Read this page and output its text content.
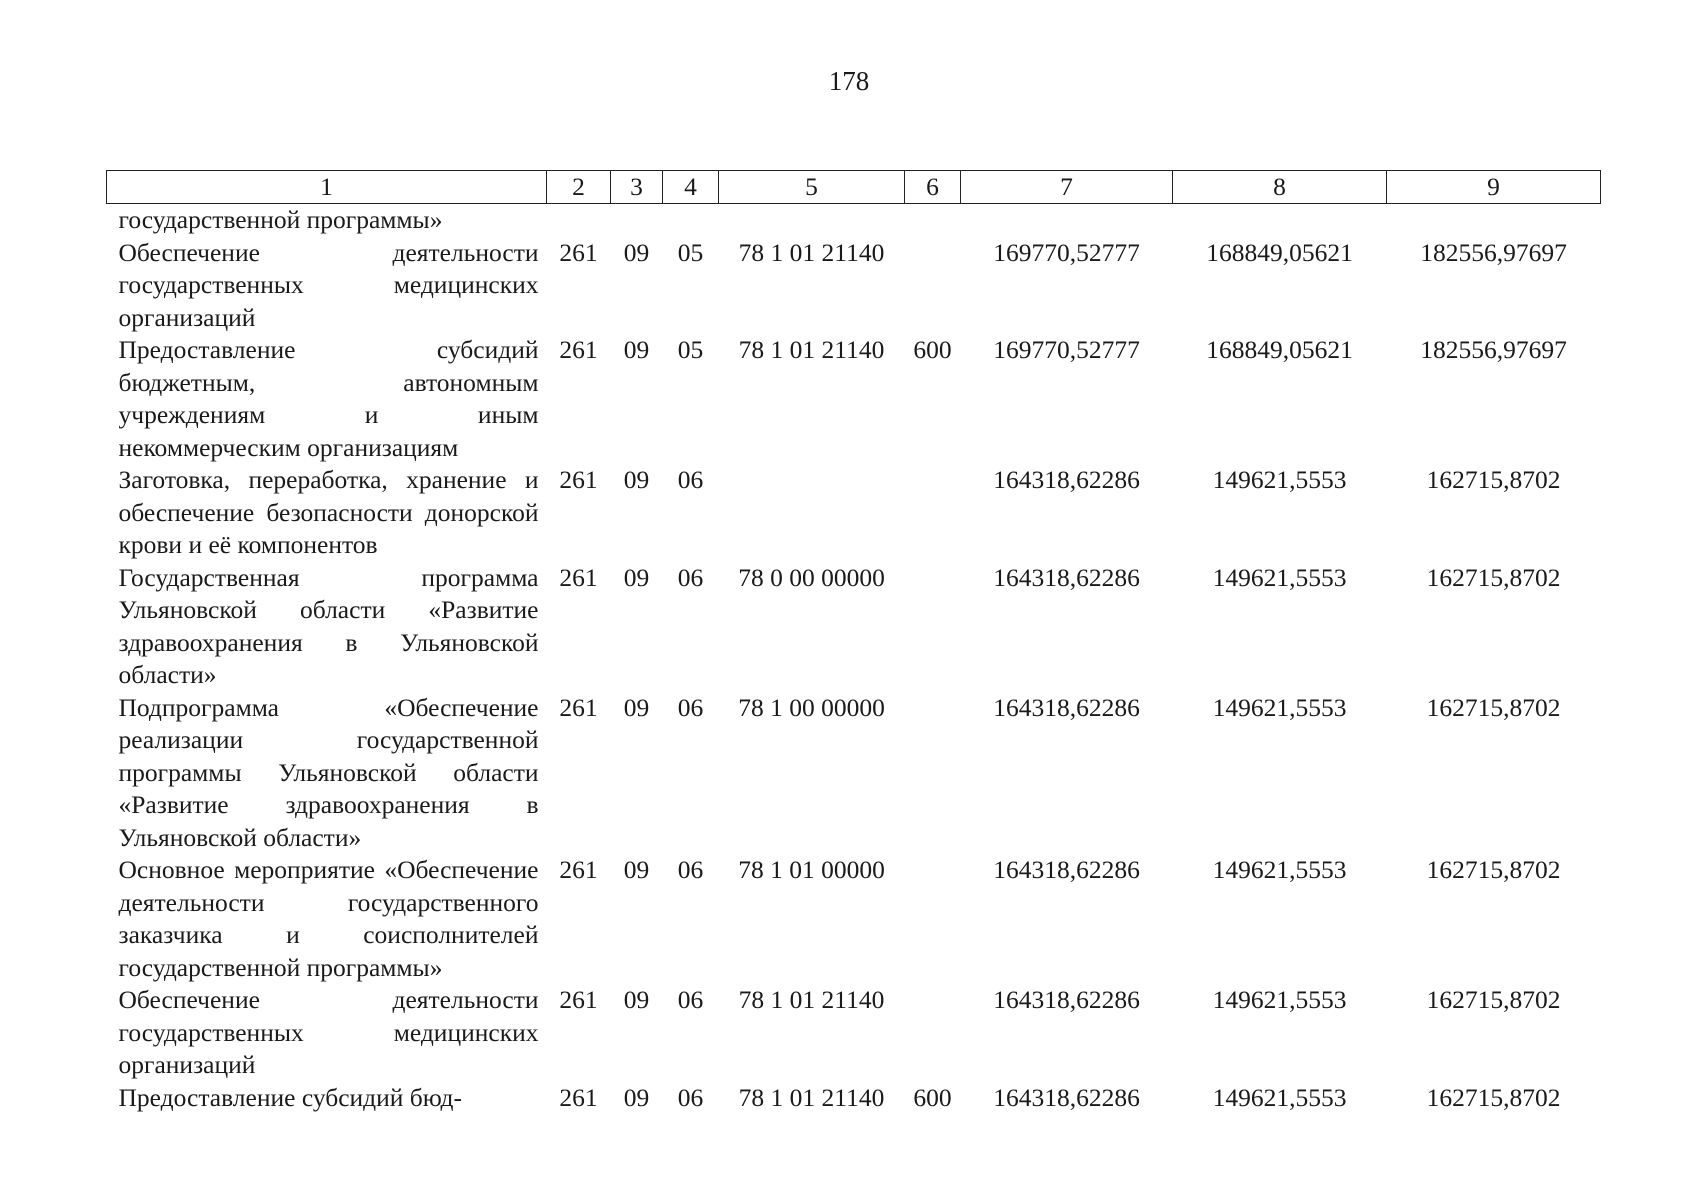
178
1	2	3	4	5	6	7	8	9
государственной программы»								
Обеспечение деятельности государственных медицинских организаций	261	09	05	78 1 01 21140		169770,52777	168849,05621	182556,97697
Предоставление субсидий бюджетным, автономным учреждениям и иным некоммерческим организациям	261	09	05	78 1 01 21140	600	169770,52777	168849,05621	182556,97697
Заготовка, переработка, хранение и обеспечение безопасности донорской крови и её компонентов	261	09	06			164318,62286	149621,5553	162715,8702
Государственная программа Ульяновской области «Развитие здравоохранения в Ульяновской области»	261	09	06	78 0 00 00000		164318,62286	149621,5553	162715,8702
Подпрограмма «Обеспечение реализации государственной программы Ульяновской области «Развитие здравоохранения в Ульяновской области»	261	09	06	78 1 00 00000		164318,62286	149621,5553	162715,8702
Основное мероприятие «Обеспечение деятельности государственного заказчика и соисполнителей государственной программы»	261	09	06	78 1 01 00000		164318,62286	149621,5553	162715,8702
Обеспечение деятельности государственных медицинских организаций	261	09	06	78 1 01 21140		164318,62286	149621,5553	162715,8702
Предоставление субсидий бюд-	261	09	06	78 1 01 21140	600	164318,62286	149621,5553	162715,8702
